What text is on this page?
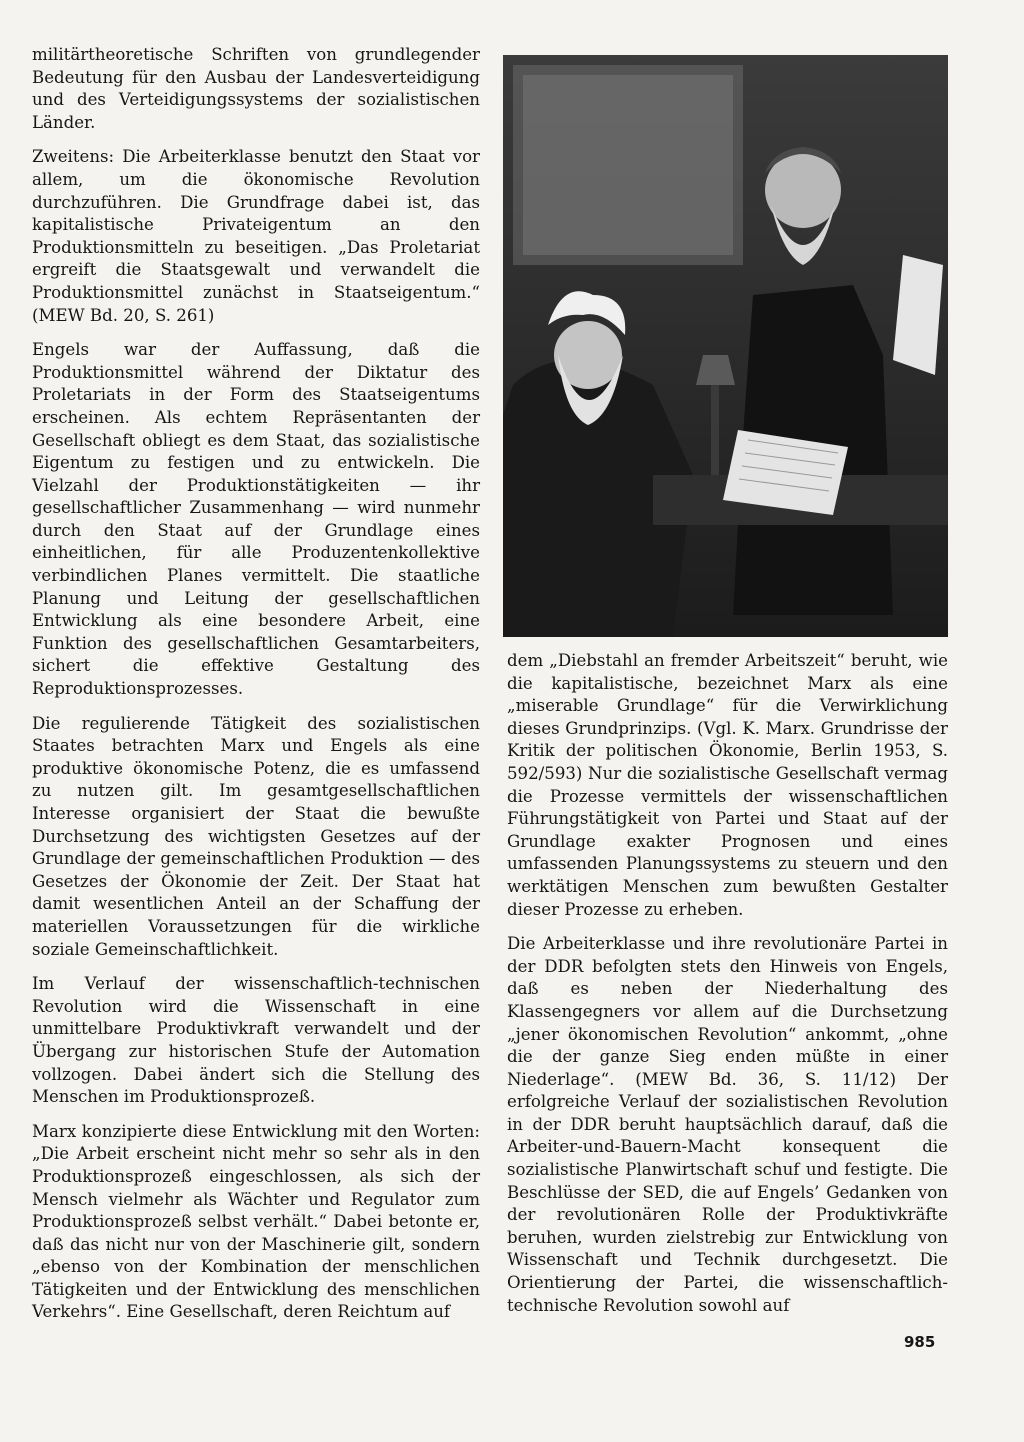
militärtheoretische Schriften von grundlegender Bedeutung für den Ausbau der Landesverteidigung und des Verteidigungssystems der sozialistischen Länder.

Zweitens: Die Arbeiterklasse benutzt den Staat vor allem, um die ökonomische Revolution durchzuführen. Die Grundfrage dabei ist, das kapitalistische Privateigentum an den Produktionsmitteln zu beseitigen. „Das Proletariat ergreift die Staatsgewalt und verwandelt die Produktionsmittel zunächst in Staatseigentum.“ (MEW Bd. 20, S. 261)

Engels war der Auffassung, daß die Produktionsmittel während der Diktatur des Proletariats in der Form des Staatseigentums erscheinen. Als echtem Repräsentanten der Gesellschaft obliegt es dem Staat, das sozialistische Eigentum zu festigen und zu entwickeln. Die Vielzahl der Produktionstätigkeiten — ihr gesellschaftlicher Zusammenhang — wird nunmehr durch den Staat auf der Grundlage eines einheitlichen, für alle Produzentenkollektive verbindlichen Planes vermittelt. Die staatliche Planung und Leitung der gesellschaftlichen Entwicklung als eine besondere Arbeit, eine Funktion des gesellschaftlichen Gesamtarbeiters, sichert die effektive Gestaltung des Reproduktionsprozesses.

Die regulierende Tätigkeit des sozialistischen Staates betrachten Marx und Engels als eine produktive ökonomische Potenz, die es umfassend zu nutzen gilt. Im gesamtgesellschaftlichen Interesse organisiert der Staat die bewußte Durchsetzung des wichtigsten Gesetzes auf der Grundlage der gemeinschaftlichen Produktion — des Gesetzes der Ökonomie der Zeit. Der Staat hat damit wesentlichen Anteil an der Schaffung der materiellen Voraussetzungen für die wirkliche soziale Gemeinschaftlichkeit.

Im Verlauf der wissenschaftlich-technischen Revolution wird die Wissenschaft in eine unmittelbare Produktivkraft verwandelt und der Übergang zur historischen Stufe der Automation vollzogen. Dabei ändert sich die Stellung des Menschen im Produktionsprozeß.

Marx konzipierte diese Entwicklung mit den Worten: „Die Arbeit erscheint nicht mehr so sehr als in den Produktionsprozeß eingeschlossen, als sich der Mensch vielmehr als Wächter und Regulator zum Produktionsprozeß selbst verhält.“ Dabei betonte er, daß das nicht nur von der Maschinerie gilt, sondern „ebenso von der Kombination der menschlichen Tätigkeiten und der Entwicklung des menschlichen Verkehrs“. Eine Gesellschaft, deren Reichtum auf

dem „Diebstahl an fremder Arbeitszeit“ beruht, wie die kapitalistische, bezeichnet Marx als eine „miserable Grundlage“ für die Verwirklichung dieses Grundprinzips. (Vgl. K. Marx. Grundrisse der Kritik der politischen Ökonomie, Berlin 1953, S. 592/593) Nur die sozialistische Gesellschaft vermag die Prozesse vermittels der wissenschaftlichen Führungstätigkeit von Partei und Staat auf der Grundlage exakter Prognosen und eines umfassenden Planungssystems zu steuern und den werktätigen Menschen zum bewußten Gestalter dieser Prozesse zu erheben.

Die Arbeiterklasse und ihre revolutionäre Partei in der DDR befolgten stets den Hinweis von Engels, daß es neben der Niederhaltung des Klassengegners vor allem auf die Durchsetzung „jener ökonomischen Revolution“ ankommt, „ohne die der ganze Sieg enden müßte in einer Niederlage“. (MEW Bd. 36, S. 11/12) Der erfolgreiche Verlauf der sozialistischen Revolution in der DDR beruht hauptsächlich darauf, daß die Arbeiter-und-Bauern-Macht konsequent die sozialistische Planwirtschaft schuf und festigte. Die Beschlüsse der SED, die auf Engels’ Gedanken von der revolutionären Rolle der Produktivkräfte beruhen, wurden zielstrebig zur Entwicklung von Wissenschaft und Technik durchgesetzt. Die Orientierung der Partei, die wissenschaftlich-technische Revolution sowohl auf

985
